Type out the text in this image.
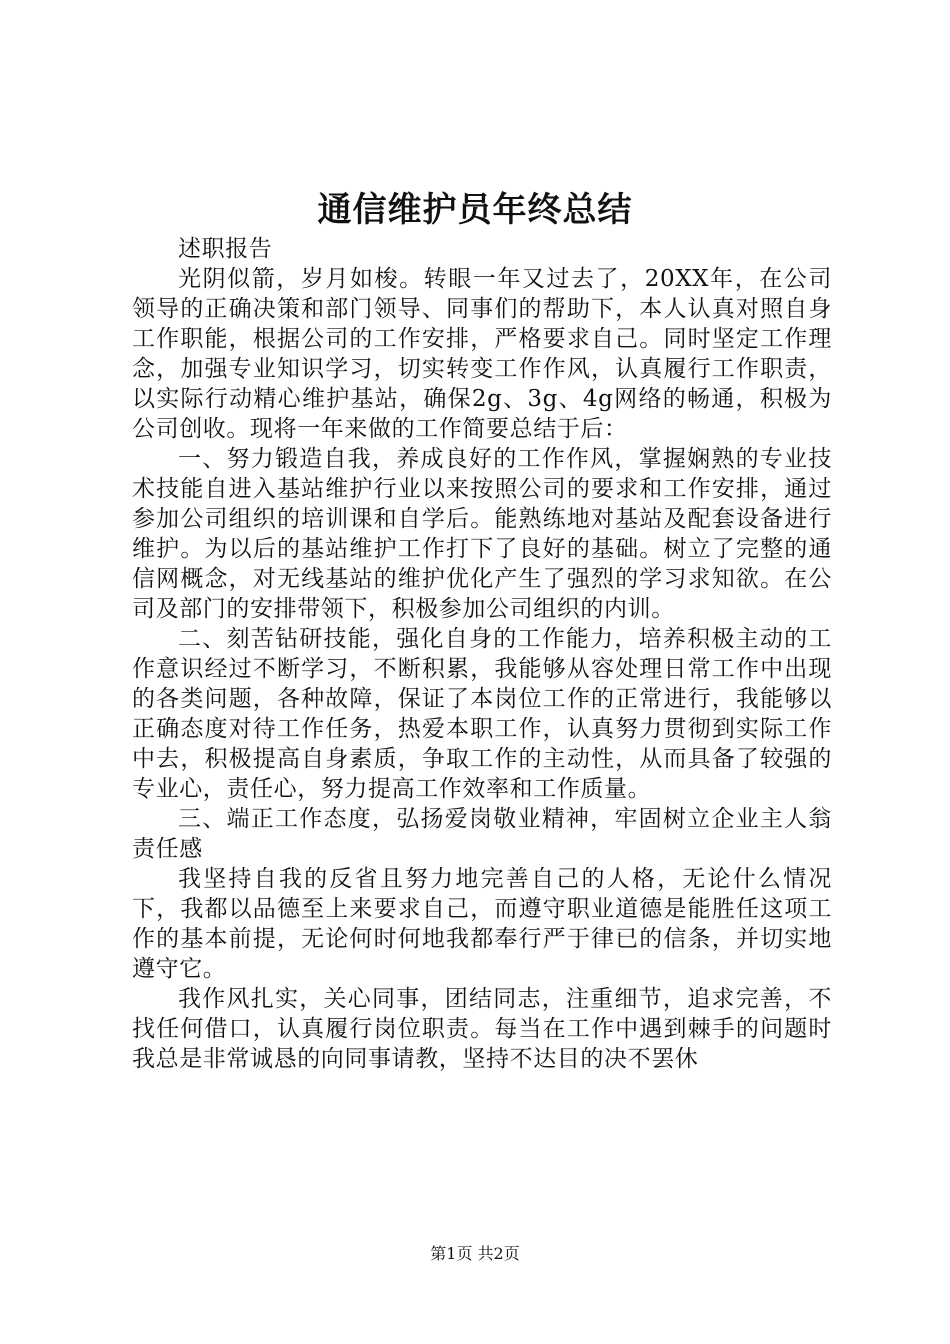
通信维护员年终总结

述职报告

光阴似箭，岁月如梭。转眼一年又过去了，20XX年，在公司领导的正确决策和部门领导、同事们的帮助下，本人认真对照自身工作职能，根据公司的工作安排，严格要求自己。同时坚定工作理念，加强专业知识学习，切实转变工作作风，认真履行工作职责，以实际行动精心维护基站，确保2g、3g、4g网络的畅通，积极为公司创收。现将一年来做的工作简要总结于后：

一、努力锻造自我，养成良好的工作作风，掌握娴熟的专业技术技能自进入基站维护行业以来按照公司的要求和工作安排，通过参加公司组织的培训课和自学后。能熟练地对基站及配套设备进行维护。为以后的基站维护工作打下了良好的基础。树立了完整的通信网概念，对无线基站的维护优化产生了强烈的学习求知欲。在公司及部门的安排带领下，积极参加公司组织的内训。

二、刻苦钻研技能，强化自身的工作能力，培养积极主动的工作意识经过不断学习，不断积累，我能够从容处理日常工作中出现的各类问题，各种故障，保证了本岗位工作的正常进行，我能够以正确态度对待工作任务，热爱本职工作，认真努力贯彻到实际工作中去，积极提高自身素质，争取工作的主动性，从而具备了较强的专业心，责任心，努力提高工作效率和工作质量。

三、端正工作态度，弘扬爱岗敬业精神，牢固树立企业主人翁责任感

我坚持自我的反省且努力地完善自己的人格，无论什么情况下，我都以品德至上来要求自己，而遵守职业道德是能胜任这项工作的基本前提，无论何时何地我都奉行严于律已的信条，并切实地遵守它。

我作风扎实，关心同事，团结同志，注重细节，追求完善，不找任何借口，认真履行岗位职责。每当在工作中遇到棘手的问题时我总是非常诚恳的向同事请教，坚持不达目的决不罢休

第1页 共2页
